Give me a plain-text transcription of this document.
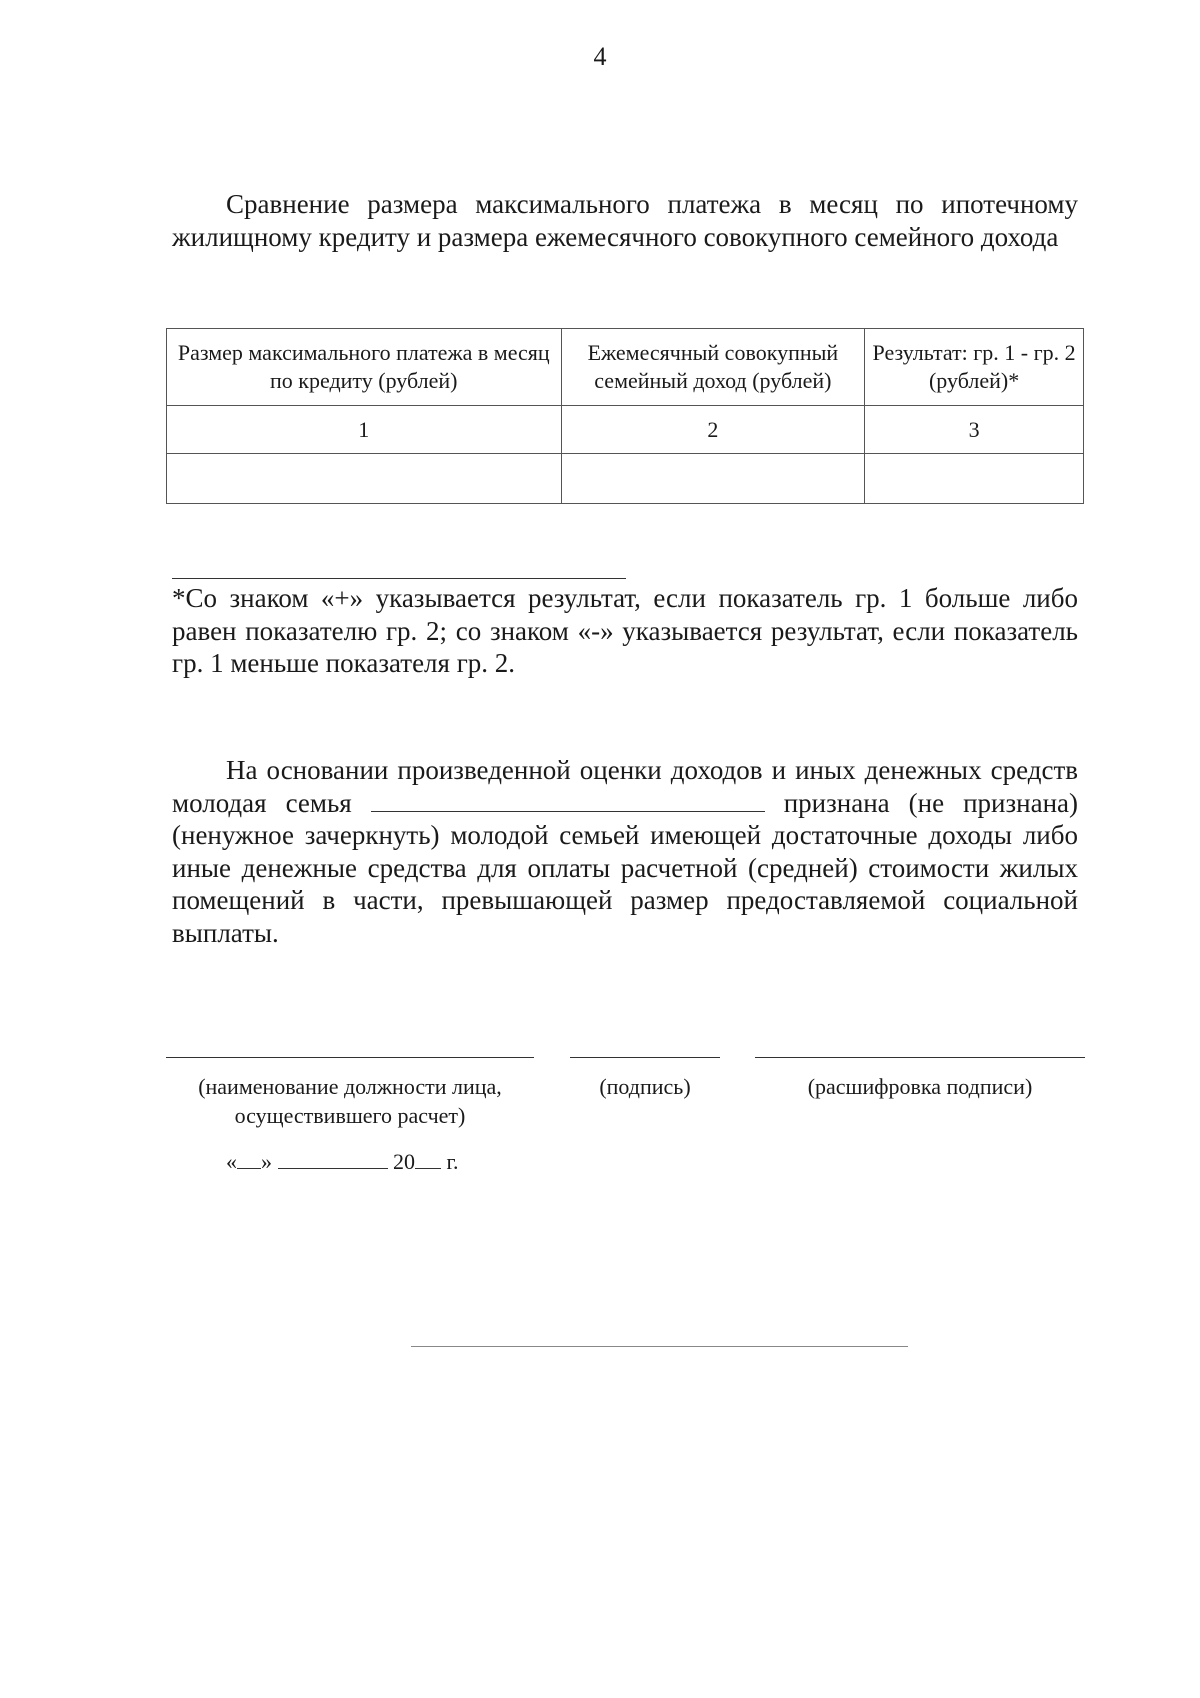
4

Сравнение размера максимального платежа в месяц по ипотечному жилищному кредиту и размера ежемесячного совокупного семейного дохода

Размер максимального платежа в месяц по кредиту (рублей)	Ежемесячный совокупный семейный доход (рублей)	Результат: гр. 1 - гр. 2 (рублей)*
1	2	3

*Со знаком «+» указывается результат, если показатель гр. 1 больше либо равен показателю гр. 2; со знаком «-» указывается результат, если показатель гр. 1 меньше показателя гр. 2.

На основании произведенной оценки доходов и иных денежных средств молодая семья	признана (не признана) (ненужное зачеркнуть) молодой семьей имеющей достаточные доходы либо иные денежные средства для оплаты расчетной (средней) стоимости жилых помещений в части, превышающей размер предоставляемой социальной выплаты.

(наименование должности лица, осуществившего расчет)
(подпись)	(расшифровка подписи)
« »	20 г.
